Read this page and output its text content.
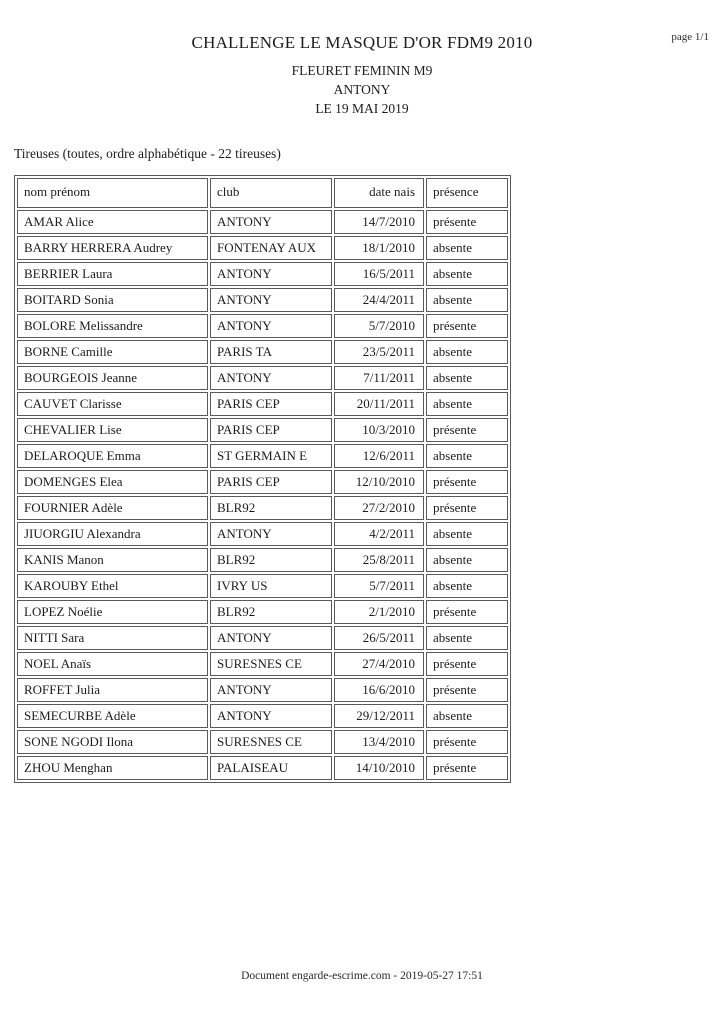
page 1/1
CHALLENGE LE MASQUE D'OR FDM9 2010
FLEURET FEMININ M9
ANTONY
LE 19 MAI 2019
Tireuses (toutes, ordre alphabétique - 22 tireuses)
nom prénom	club	date nais	présence
AMAR Alice	ANTONY	14/7/2010	présente
BARRY HERRERA Audrey	FONTENAY AUX	18/1/2010	absente
BERRIER Laura	ANTONY	16/5/2011	absente
BOITARD Sonia	ANTONY	24/4/2011	absente
BOLORE Melissandre	ANTONY	5/7/2010	présente
BORNE Camille	PARIS TA	23/5/2011	absente
BOURGEOIS Jeanne	ANTONY	7/11/2011	absente
CAUVET Clarisse	PARIS CEP	20/11/2011	absente
CHEVALIER Lise	PARIS CEP	10/3/2010	présente
DELAROQUE Emma	ST GERMAIN E	12/6/2011	absente
DOMENGES Elea	PARIS CEP	12/10/2010	présente
FOURNIER Adèle	BLR92	27/2/2010	présente
JIUORGIU Alexandra	ANTONY	4/2/2011	absente
KANIS Manon	BLR92	25/8/2011	absente
KAROUBY Ethel	IVRY US	5/7/2011	absente
LOPEZ Noélie	BLR92	2/1/2010	présente
NITTI Sara	ANTONY	26/5/2011	absente
NOEL Anaïs	SURESNES CE	27/4/2010	présente
ROFFET Julia	ANTONY	16/6/2010	présente
SEMECURBE Adèle	ANTONY	29/12/2011	absente
SONE NGODI Ilona	SURESNES CE	13/4/2010	présente
ZHOU Menghan	PALAISEAU	14/10/2010	présente
Document engarde-escrime.com - 2019-05-27 17:51
